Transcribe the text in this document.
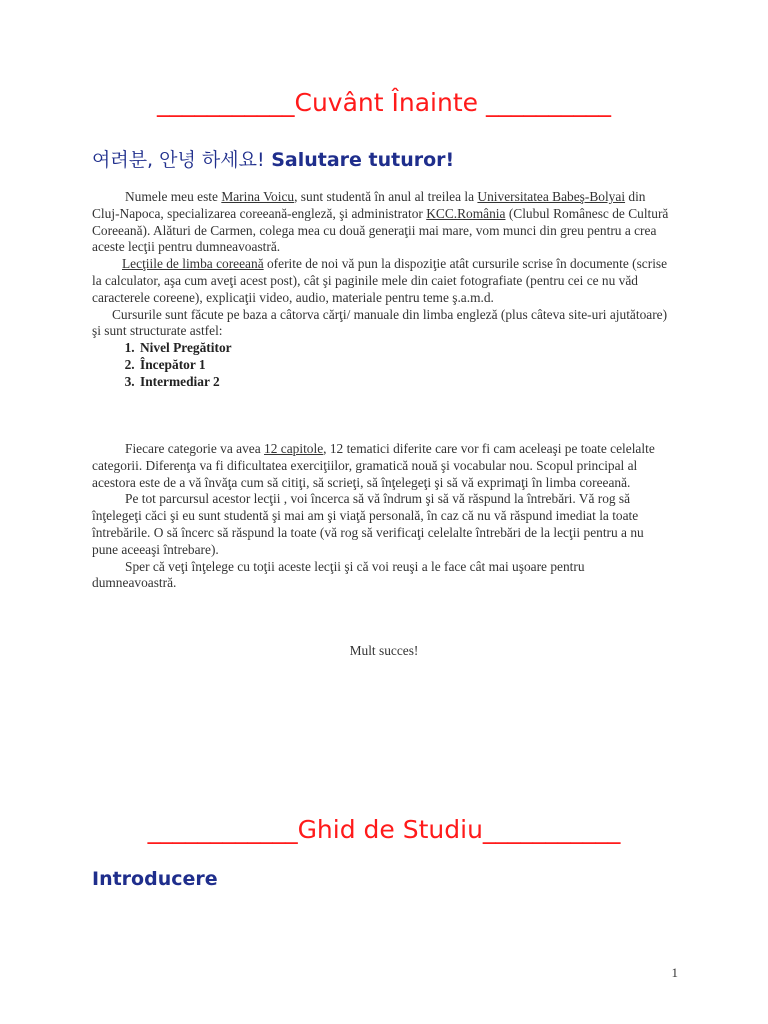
___________Cuvânt Înainte __________
여려분, 안녕 하세요! Salutare tuturor!

Numele meu este Marina Voicu, sunt studentă în anul al treilea la Universitatea Babeş-Bolyai din Cluj-Napoca, specializarea coreeană-engleză, şi administrator KCC.România (Clubul Românesc de Cultură Coreeană). Alături de Carmen, colega mea cu două generaţii mai mare, vom munci din greu pentru a crea aceste lecţii pentru dumneavoastră.

Lecţiile de limba coreeană oferite de noi vă pun la dispoziţie atât cursurile scrise în documente (scrise la calculator, aşa cum aveţi acest post), cât şi paginile mele din caiet fotografiate (pentru cei ce nu văd caracterele coreene), explicaţii video, audio, materiale pentru teme ş.a.m.d.

Cursurile sunt făcute pe baza a câtorva cărţi/ manuale din limba engleză (plus câteva site-uri ajutătoare) şi sunt structurate astfel:

1. Nivel Pregătitor
2. Începător 1
3. Intermediar 2

Fiecare categorie va avea 12 capitole, 12 tematici diferite care vor fi cam aceleaşi pe toate celelalte categorii. Diferenţa va fi dificultatea exerciţiilor, gramatică nouă şi vocabular nou. Scopul principal al acestora este de a vă învăţa cum să citiţi, să scrieţi, să înţelegeţi şi să vă exprimaţi în limba coreeană.

Pe tot parcursul acestor lecţii , voi încerca să vă îndrum şi să vă răspund la întrebări. Vă rog să înţelegeţi căci şi eu sunt studentă şi mai am şi viaţă personală, în caz că nu vă răspund imediat la toate întrebările. O să încerc să răspund la toate (vă rog să verificaţi celelalte întrebări de la lecţii pentru a nu pune aceeaşi întrebare).

Sper că veţi înţelege cu toţii aceste lecţii şi că voi reuşi a le face cât mai uşoare pentru dumneavoastră.

Mult succes!
____________Ghid de Studiu___________
Introducere
1
